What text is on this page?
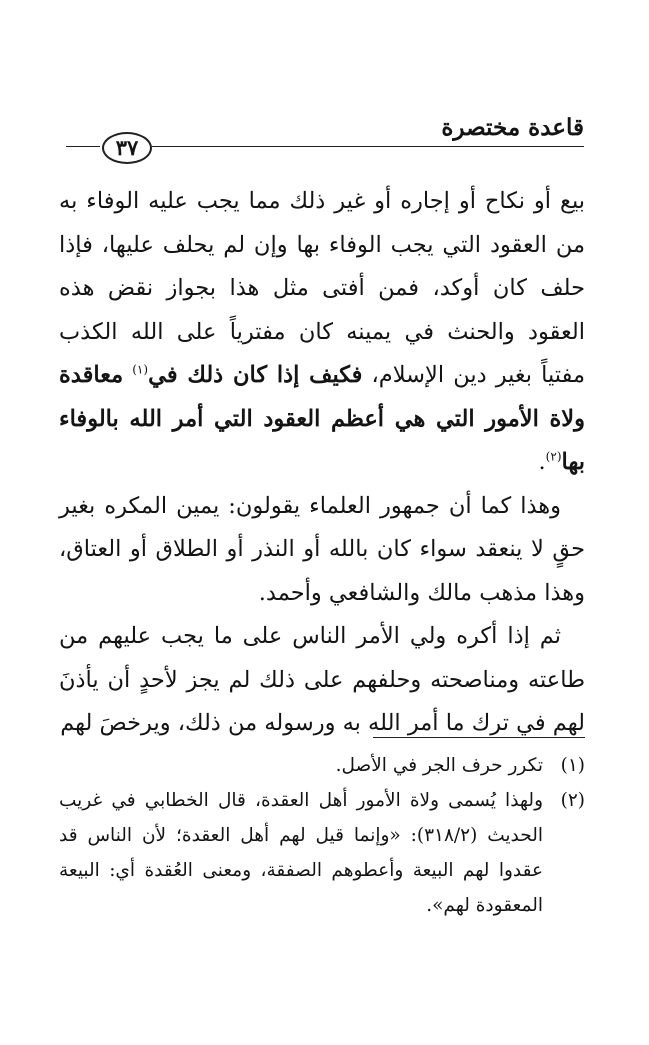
قاعدة مختصرة
٣٧

بيع أو نكاح أو إجاره أو غير ذلك مما يجب عليه الوفاء به من العقود التي يجب الوفاء بها وإن لم يحلف عليها، فإذا حلف كان أوكد، فمن أفتى مثل هذا بجواز نقض هذه العقود والحنث في يمينه كان مفترياً على الله الكذب مفتياً بغير دين الإسلام، فكيف إذا كان ذلك في$^{(١)}$ معاقدة ولاة الأمور التي هي أعظم العقود التي أمر الله بالوفاء بها$^{(٢)}$.

وهذا كما أن جمهور العلماء يقولون: يمين المكره بغير حقٍ لا ينعقد سواء كان بالله أو النذر أو الطلاق أو العتاق، وهذا مذهب مالك والشافعي وأحمد.

ثم إذا أكره ولي الأمر الناس على ما يجب عليهم من طاعته ومناصحته وحلفهم على ذلك لم يجز لأحدٍ أن يأذنَ لهم في ترك ما أمر الله به ورسوله من ذلك، ويرخصَ لهم

(١)
تكرر حرف الجر في الأصل.
(٢)
ولهذا يُسمى ولاة الأمور أهل العقدة، قال الخطابي في غريب الحديث (٣١٨/٢): «وإنما قيل لهم أهل العقدة؛ لأن الناس قد عقدوا لهم البيعة وأعطوهم الصفقة، ومعنى العُقدة أي: البيعة المعقودة لهم».
